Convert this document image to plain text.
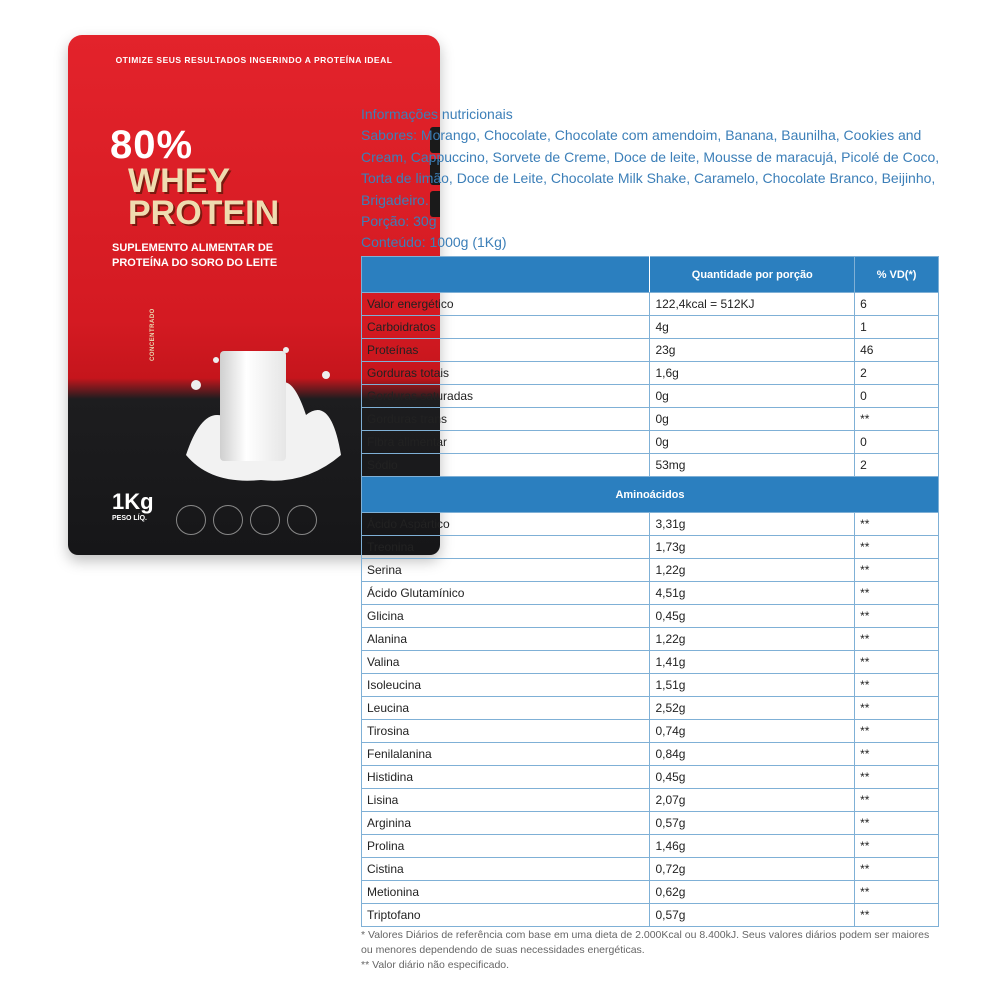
OTIMIZE SEUS RESULTADOS INGERINDO A PROTEÍNA IDEAL
80%
CONCENTRADO
WHEY
PROTEIN
SUPLEMENTO ALIMENTAR DE PROTEÍNA DO SORO DO LEITE
1Kg
PESO LÍQ.

Informações nutricionais

Sabores: Morango, Chocolate, Chocolate com amendoim, Banana, Baunilha, Cookies and Cream, Cappuccino, Sorvete de Creme, Doce de leite, Mousse de maracujá, Picolé de Coco, Torta de limão, Doce de Leite, Chocolate Milk Shake, Caramelo, Chocolate Branco, Beijinho, Brigadeiro.

Porção: 30g

Conteúdo: 1000g (1Kg)

	Quantidade por porção	% VD(*)
Valor energético	122,4kcal = 512KJ	6
Carboidratos	4g	1
Proteínas	23g	46
Gorduras totais	1,6g	2
Gorduras saturadas	0g	0
Gorduras trans	0g	**
Fibra alimentar	0g	0
Sódio	53mg	2
Aminoácidos		
Ácido Aspártico	3,31g	**
Treonina	1,73g	**
Serina	1,22g	**
Ácido Glutamínico	4,51g	**
Glicina	0,45g	**
Alanina	1,22g	**
Valina	1,41g	**
Isoleucina	1,51g	**
Leucina	2,52g	**
Tirosina	0,74g	**
Fenilalanina	0,84g	**
Histidina	0,45g	**
Lisina	2,07g	**
Arginina	0,57g	**
Prolina	1,46g	**
Cistina	0,72g	**
Metionina	0,62g	**
Triptofano	0,57g	**

* Valores Diários de referência com base em uma dieta de 2.000Kcal ou 8.400kJ. Seus valores diários podem ser maiores ou menores dependendo de suas necessidades energéticas.

** Valor diário não especificado.
